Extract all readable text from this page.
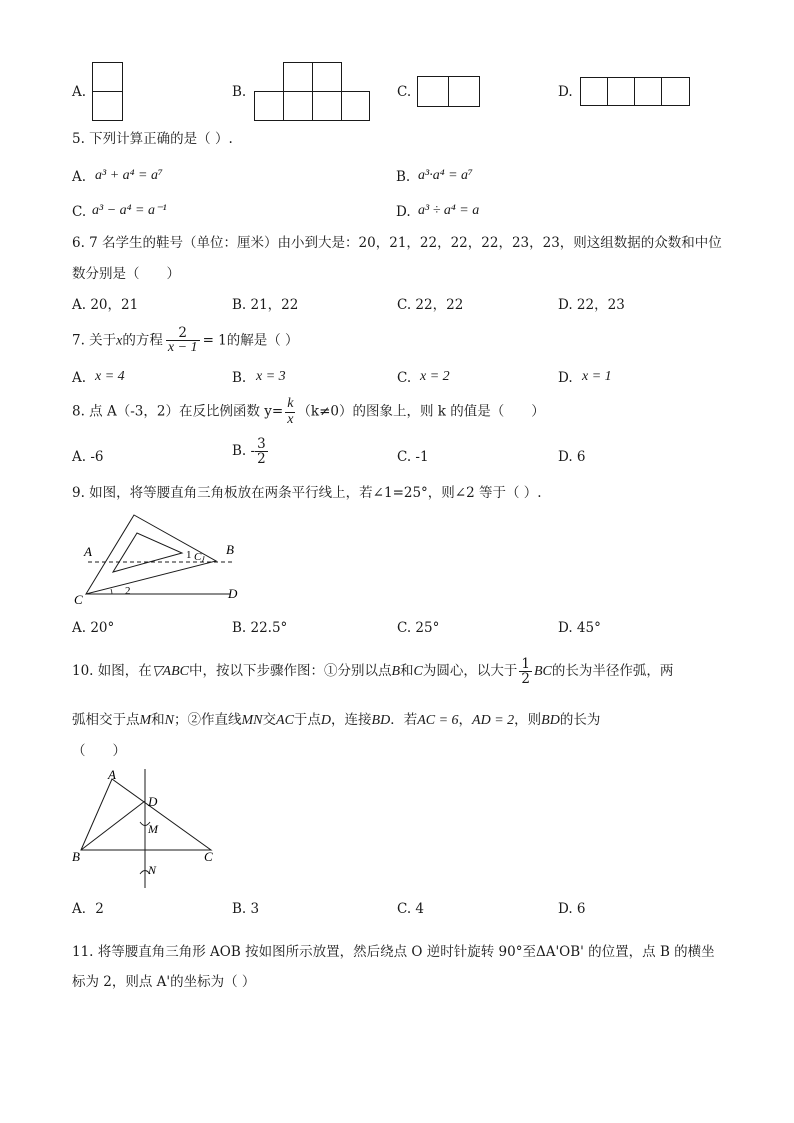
A.	B.	C.	D.
5. 下列计算正确的是（ ）.
A. a³ + a⁴ = a⁷	B. a³·a⁴ = a⁷
C. a³ − a⁴ = a⁻¹	D. a³ ÷ a⁴ = a
6. 7 名学生的鞋号（单位：厘米）由小到大是：20，21，22，22，22，23，23，则这组数据的众数和中位
数分别是（　　）
A. 20，21	B. 21，22	C. 22，22	D. 22，23
7. 关于x的方程 $\frac{2}{x - 1} = 1$的解是（ ）
A. x = 4	B. x = 3	C. x = 2	D. x = 1
8. 点 A（-3，2）在反比例函数 $y= \frac{k}{x} (k\ne 0)$的图象上，则 k 的值是（　　）
A. -6	B. - $\frac{3}{2}$	C. -1	D. 6
9. 如图，将等腰直角三角板放在两条平行线上，若∠1=25°，则∠2 等于（ ）.
A	B
C
C	D
1
2
A. 20°	B. 22.5°	C. 25°	D. 45°
10. 如图，在▽ABC中，按以下步骤作图：①分别以点B和C为圆心，以大于 $\frac{1}{2}$ BC的长为半径作弧，两
弧相交于点M和N；②作直线MN交AC于点D，连接BD．若AC = 6，AD = 2，则BD的长为
（　　）
A
D
M
B	C
N
A．2	B. 3	C. 4	D. 6
11. 将等腰直角三角形 AOB 按如图所示放置，然后绕点 O 逆时针旋转 90°至ΔA'OB' 的位置，点 B 的横坐
标为 2，则点 A'的坐标为（ ）
